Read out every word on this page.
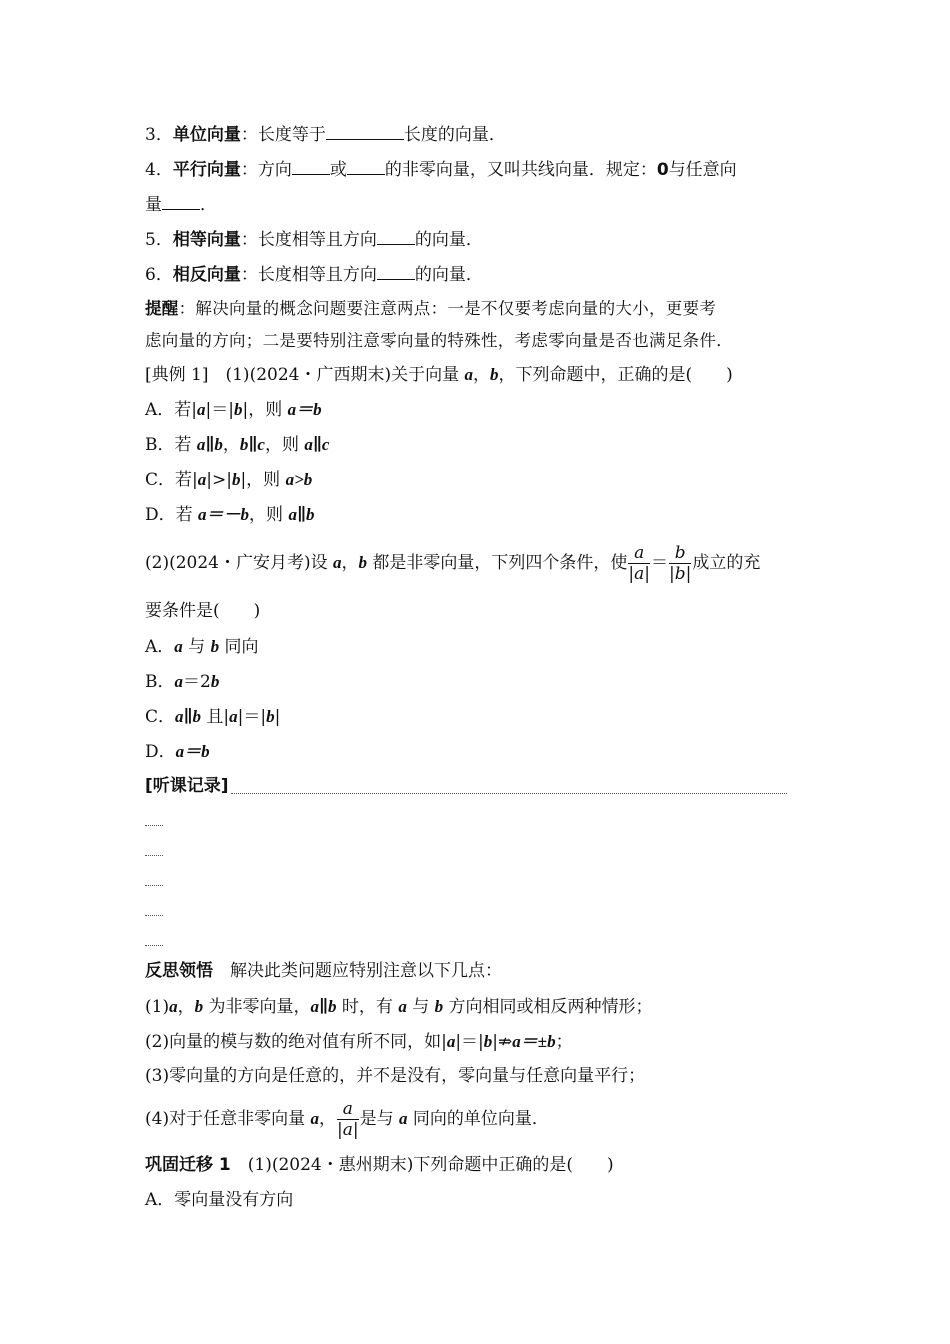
3．单位向量：长度等于	长度的向量．
4．平行向量：方向 或 的非零向量，又叫共线向量．规定：0与任意向
量 ．
5．相等向量：长度相等且方向 的向量．
6．相反向量：长度相等且方向 的向量．
提醒：解决向量的概念问题要注意两点：一是不仅要考虑向量的大小，更要考
虑向量的方向；二是要特别注意零向量的特殊性，考虑零向量是否也满足条件．
[典例 1]　(1)(2024・广西期末)关于向量 a，b，下列命题中，正确的是(　　)
A．若|a|＝|b|，则 a＝b
B．若 a∥b，b∥c，则 a∥c
C．若|a|>|b|，则 a>b
D．若 a＝－b，则 a∥b
(2)(2024・广安月考)设 a，b 都是非零向量，下列四个条件，使 $\frac{a}{|a|} = \frac{b}{|b|}$ 成立的充
要条件是(　　)
A．a 与 b 同向
B．a＝2b
C．a∥b 且|a|＝|b|
D．a＝b
[听课记录]
反思领悟　解决此类问题应特别注意以下几点：
(1)a，b 为非零向量，a∥b 时，有 a 与 b 方向相同或相反两种情形；
(2)向量的模与数的绝对值有所不同，如|a|＝|b|⇏a＝±b；
(3)零向量的方向是任意的，并不是没有，零向量与任意向量平行；
(4)对于任意非零向量 a， $\frac{a}{|a|}$ 是与 a 同向的单位向量．
巩固迁移 1　(1)(2024・惠州期末)下列命题中正确的是(　　)
A．零向量没有方向
